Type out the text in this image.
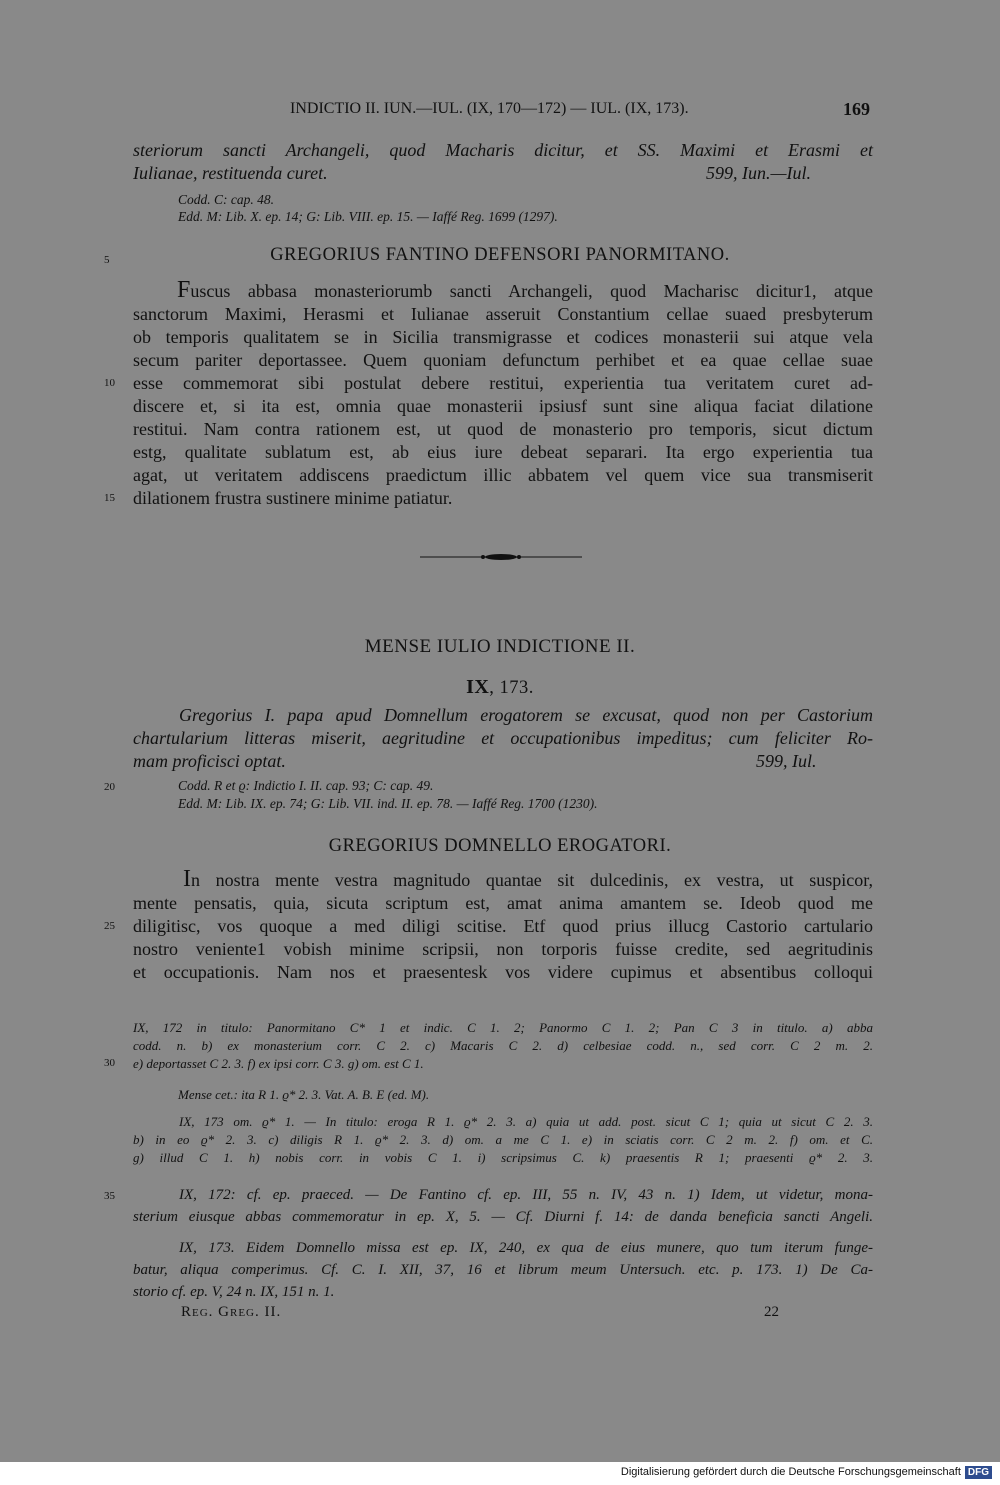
INDICTIO II. IUN.—IUL. (IX, 170—172) — IUL. (IX, 173).	169
steriorum sancti Archangeli, quod Macharis dicitur, et SS. Maximi et Erasmi et
Iulianae, restituenda curet.	599, Iun.—Iul.
Codd. C: cap. 48.
Edd. M: Lib. X. ep. 14; G: Lib. VIII. ep. 15. — Iaffé Reg. 1699 (1297).
5	GREGORIUS FANTINO DEFENSORI PANORMITANO.
Fuscus abbasa monasteriorumb sancti Archangeli, quod Macharisc dicitur1, atque
sanctorum Maximi, Herasmi et Iulianae asseruit Constantium cellae suaed presbyterum
ob temporis qualitatem se in Sicilia transmigrasse et codices monasterii sui atque vela
secum pariter deportassee. Quem quoniam defunctum perhibet et ea quae cellae suae
10 esse commemorat sibi postulat debere restitui, experientia tua veritatem curet ad-
discere et, si ita est, omnia quae monasterii ipsiusf sunt sine aliqua faciat dilatione
restitui. Nam contra rationem est, ut quod de monasterio pro temporis, sicut dictum
estg, qualitate sublatum est, ab eius iure debeat separari. Ita ergo experientia tua
agat, ut veritatem addiscens praedictum illic abbatem vel quem vice sua transmiserit
15 dilationem frustra sustinere minime patiatur.
MENSE IULIO INDICTIONE II.
IX, 173.
Gregorius I. papa apud Domnellum erogatorem se excusat, quod non per Castorium
chartularium litteras miserit, aegritudine et occupationibus impeditus; cum feliciter Ro-
mam proficisci optat.	599, Iul.
20	Codd. R et ϱ: Indictio I. II. cap. 93; C: cap. 49.
Edd. M: Lib. IX. ep. 74; G: Lib. VII. ind. II. ep. 78. — Iaffé Reg. 1700 (1230).
GREGORIUS DOMNELLO EROGATORI.
In nostra mente vestra magnitudo quantae sit dulcedinis, ex vestra, ut suspicor,
mente pensatis, quia, sicuta scriptum est, amat anima amantem se. Ideob quod me
25 diligitisc, vos quoque a med diligi scitise. Etf quod prius illucg Castorio cartulario
nostro veniente1 vobish minime scripsii, non torporis fuisse credite, sed aegritudinis
et occupationis. Nam nos et praesentesk vos videre cupimus et absentibus colloqui
IX, 172 in titulo: Panormitano C* 1 et indic. C 1. 2; Panormo C 1. 2; Pan C 3 in titulo. a) abba
codd. n. b) ex monasterium corr. C 2. c) Macaris C 2. d) celbesiae codd. n., sed corr. C 2 m. 2.
30 e) deportasset C 2. 3. f) ex ipsi corr. C 3. g) om. est C 1.
Mense cet.: ita R 1. ϱ* 2. 3. Vat. A. B. E (ed. M).
IX, 173 om. ϱ* 1. — In titulo: eroga R 1. ϱ* 2. 3. a) quia ut add. post. sicut C 1; quia ut sicut C 2. 3.
b) in eo ϱ* 2. 3. c) diligis R 1. ϱ* 2. 3. d) om. a me C 1. e) in sciatis corr. C 2 m. 2. f) om. et C.
g) illud C 1. h) nobis corr. in vobis C 1. i) scripsimus C. k) praesentis R 1; praesenti ϱ* 2. 3.
35	IX, 172: cf. ep. praeced. — De Fantino cf. ep. III, 55 n. IV, 43 n. 1) Idem, ut videtur, mona-
sterium eiusque abbas commemoratur in ep. X, 5. — Cf. Diurni f. 14: de danda beneficia sancti Angeli.
IX, 173. Eidem Domnello missa est ep. IX, 240, ex qua de eius munere, quo tum iterum funge-
batur, aliqua comperimus. Cf. C. I. XII, 37, 16 et librum meum Untersuch. etc. p. 173. 1) De Ca-
storio cf. ep. V, 24 n. IX, 151 n. 1.
Reg. Greg. II.	22
Digitalisierung gefördert durch die Deutsche Forschungsgemeinschaft DFG
